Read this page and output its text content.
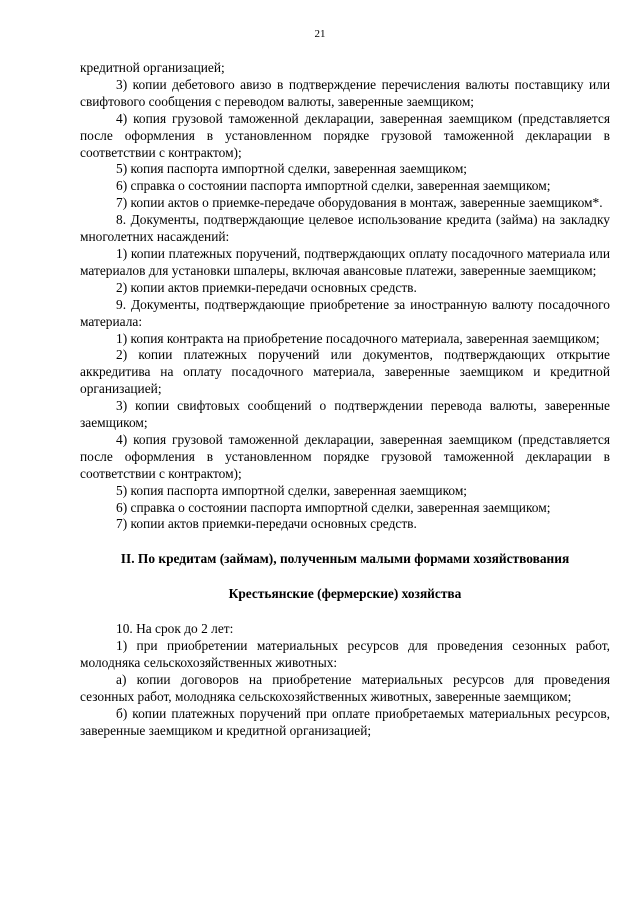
21

кредитной организацией;

3) копии дебетового авизо в подтверждение перечисления валюты поставщику или свифтового сообщения с переводом валюты, заверенные заемщиком;

4) копия грузовой таможенной декларации, заверенная заемщиком (представляется после оформления в установленном порядке грузовой таможенной декларации в соответствии с контрактом);

5) копия паспорта импортной сделки, заверенная заемщиком;

6) справка о состоянии паспорта импортной сделки, заверенная заемщиком;

7) копии актов о приемке-передаче оборудования в монтаж, заверенные заемщиком*.

8. Документы, подтверждающие целевое использование кредита (займа) на закладку многолетних насаждений:

1) копии платежных поручений, подтверждающих оплату посадочного материала или материалов для установки шпалеры, включая авансовые платежи, заверенные заемщиком;

2) копии актов приемки-передачи основных средств.

9. Документы, подтверждающие приобретение за иностранную валюту посадочного материала:

1) копия контракта на приобретение посадочного материала, заверенная заемщиком;

2) копии платежных поручений или документов, подтверждающих открытие аккредитива на оплату посадочного материала, заверенные заемщиком и кредитной организацией;

3) копии свифтовых сообщений о подтверждении перевода валюты, заверенные заемщиком;

4) копия грузовой таможенной декларации, заверенная заемщиком (представляется после оформления в установленном порядке грузовой таможенной декларации в соответствии с контрактом);

5) копия паспорта импортной сделки, заверенная заемщиком;

6) справка о состоянии паспорта импортной сделки, заверенная заемщиком;

7) копии актов приемки-передачи основных средств.

II. По кредитам (займам), полученным малыми формами хозяйствования

Крестьянские (фермерские) хозяйства

10. На срок до 2 лет:

1) при приобретении материальных ресурсов для проведения сезонных работ, молодняка сельскохозяйственных животных:

а) копии договоров на приобретение материальных ресурсов для проведения сезонных работ, молодняка сельскохозяйственных животных, заверенные заемщиком;

б) копии платежных поручений при оплате приобретаемых материальных ресурсов, заверенные заемщиком и кредитной организацией;
